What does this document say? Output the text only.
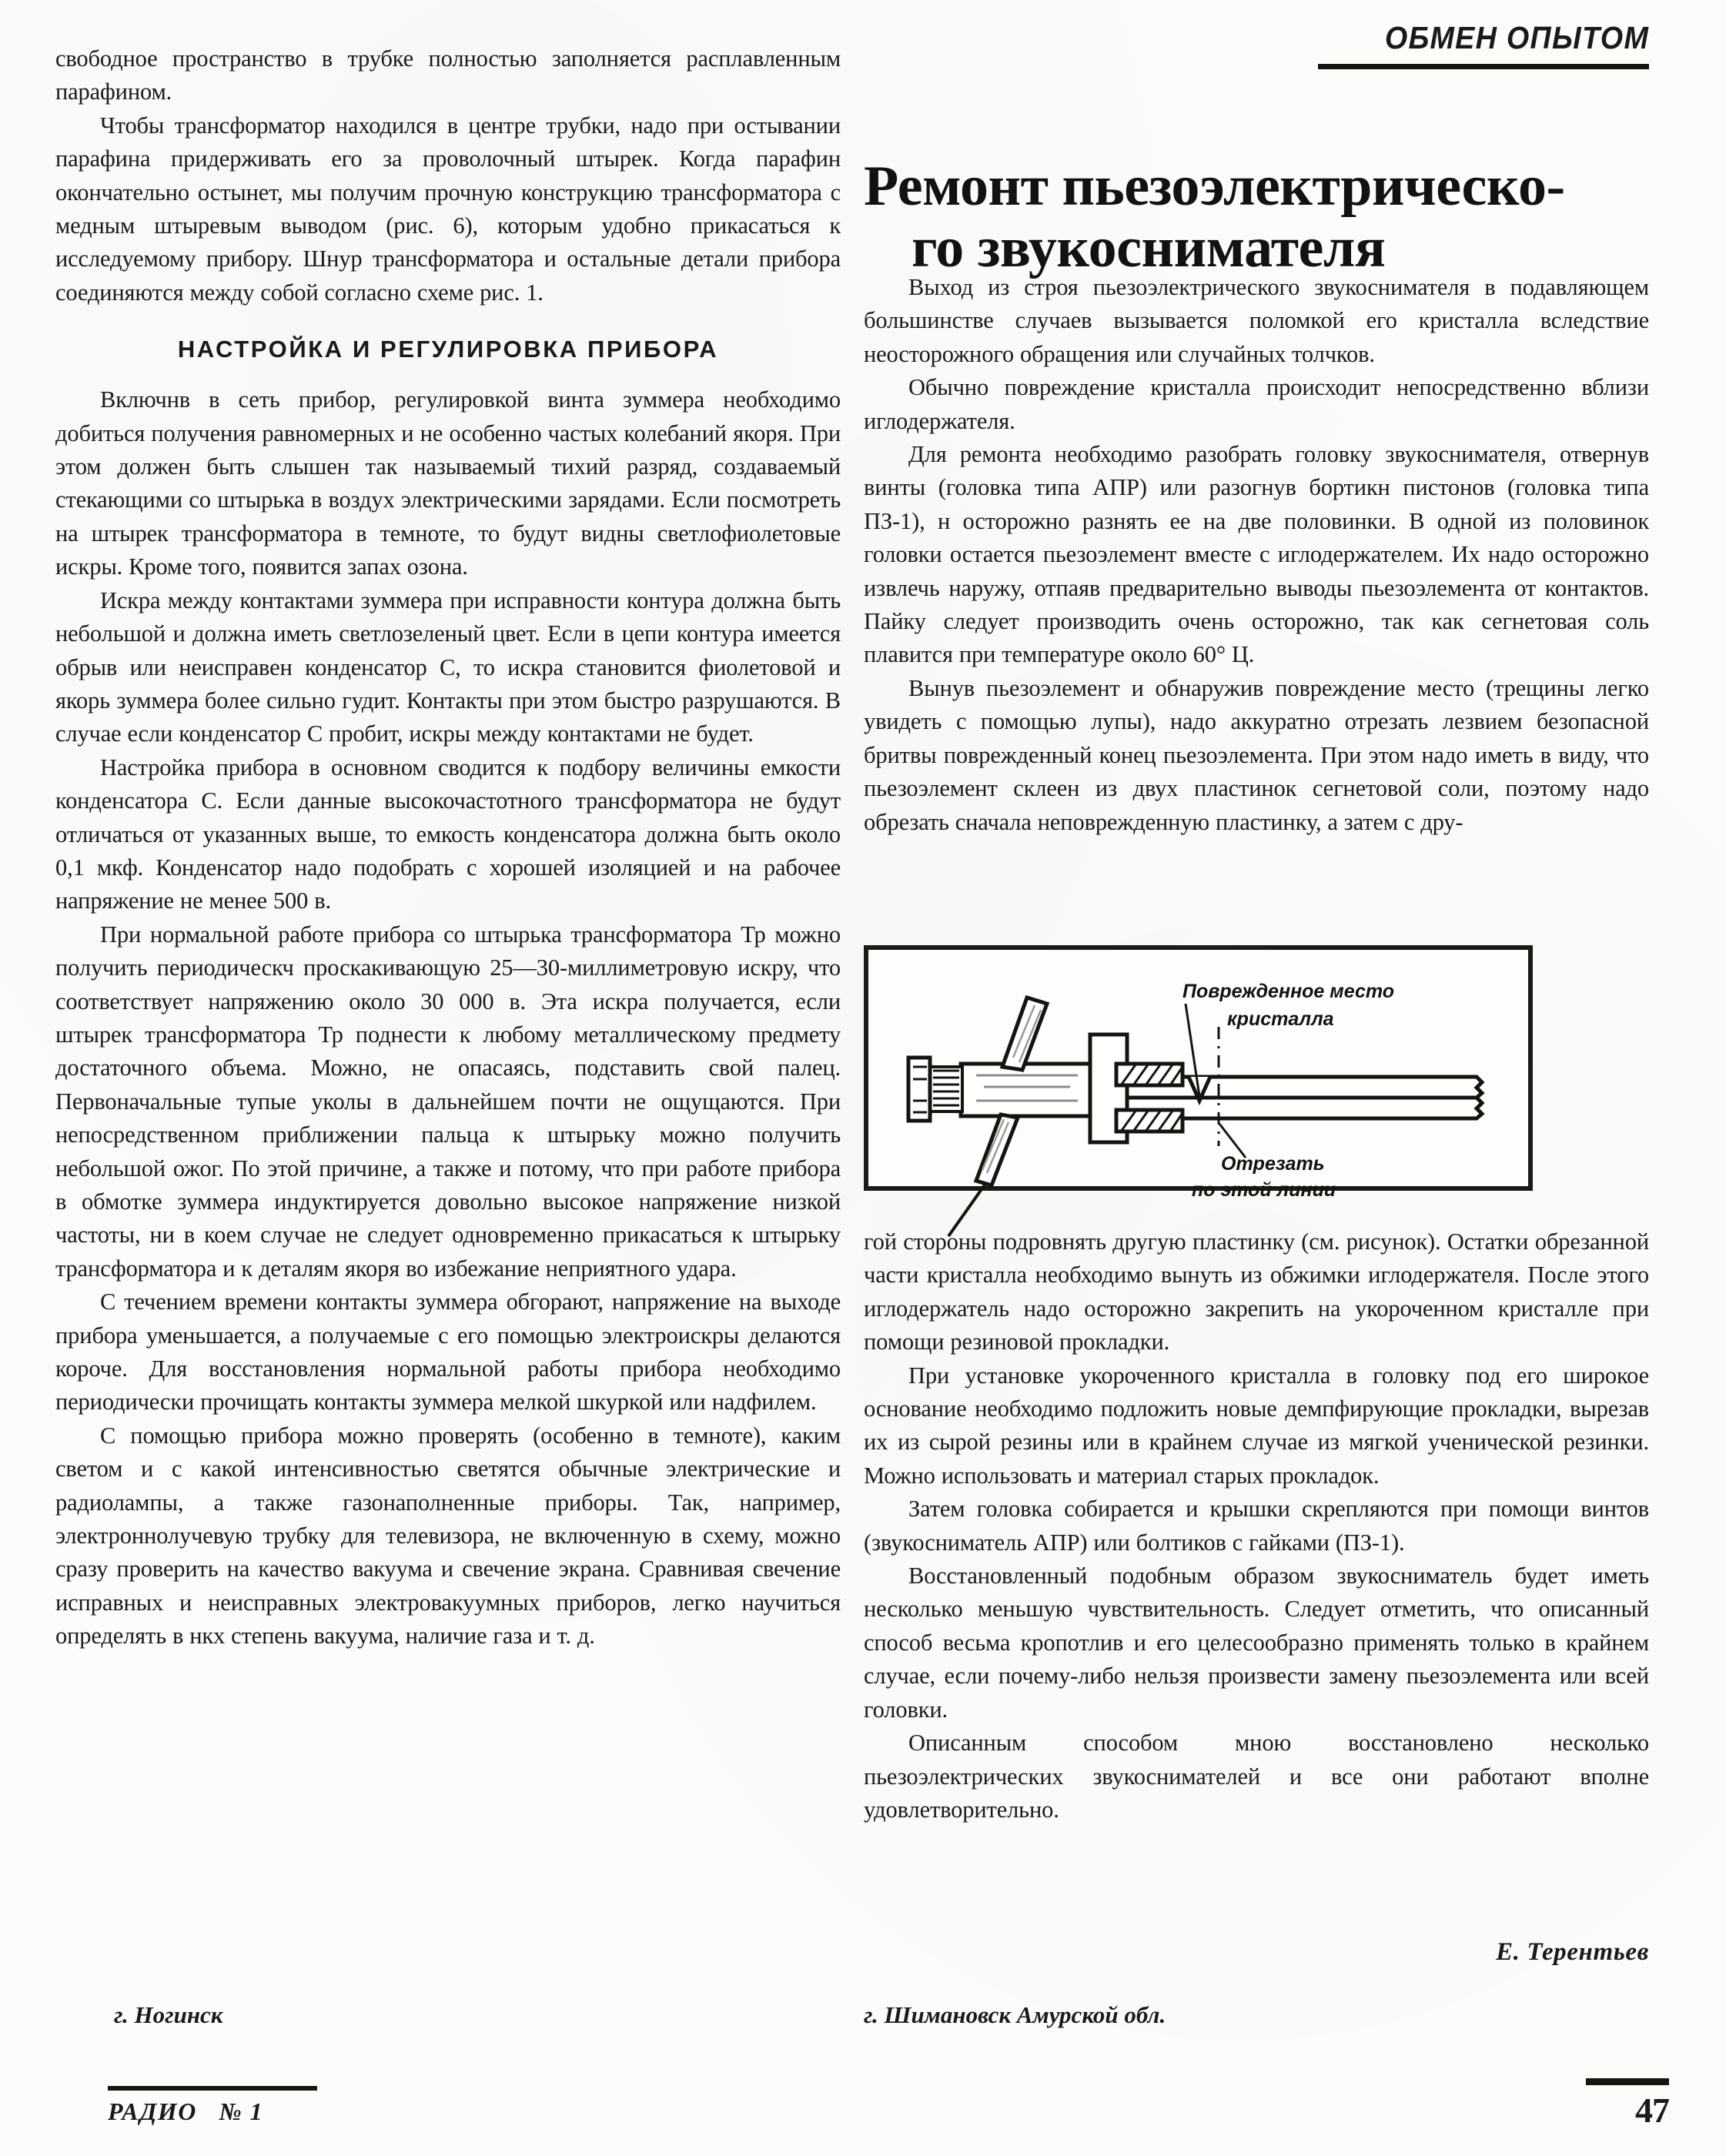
ОБМЕН ОПЫТОМ
Ремонт пьезоэлектрическо-
го звукоснимателя

свободное пространство в трубке полностью заполняется расплавленным парафином.

Чтобы трансформатор находился в центре трубки, надо при остывании парафина придерживать его за проволочный штырек. Когда парафин окончательно остынет, мы получим прочную конструкцию трансформатора с медным штыревым выводом (рис. 6), которым удобно прикасаться к исследуемому прибору. Шнур трансформатора и остальные детали прибора соединяются между собой согласно схеме рис. 1.

НАСТРОЙКА И РЕГУЛИРОВКА ПРИБОРА

Включнв в сеть прибор, регулировкой винта зуммера необходимо добиться получения равномерных и не особенно частых колебаний якоря. При этом должен быть слышен так называемый тихий разряд, создаваемый стекающими со штырька в воздух электрическими зарядами. Если посмотреть на штырек трансформатора в темноте, то будут видны светлофиолетовые искры. Кроме того, появится запах озона.

Искра между контактами зуммера при исправности контура должна быть небольшой и должна иметь светлозеленый цвет. Если в цепи контура имеется обрыв или неисправен конденсатор C, то искра становится фиолетовой и якорь зуммера более сильно гудит. Контакты при этом быстро разрушаются. В случае если конденсатор C пробит, искры между контактами не будет.

Настройка прибора в основном сводится к подбору величины емкости конденсатора C. Если данные высокочастотного трансформатора не будут отличаться от указанных выше, то емкость конденсатора должна быть около 0,1 мкф. Конденсатор надо подобрать с хорошей изоляцией и на рабочее напряжение не менее 500 в.

При нормальной работе прибора со штырька трансформатора Тр можно получить периодическч проскакивающую 25—30-миллиметровую искру, что соответствует напряжению около 30 000 в. Эта искра получается, если штырек трансформатора Тр поднести к любому металлическому предмету достаточного объема. Можно, не опасаясь, подставить свой палец. Первоначальные тупые уколы в дальнейшем почти не ощущаются. При непосредственном приближении пальца к штырьку можно получить небольшой ожог. По этой причине, а также и потому, что при работе прибора в обмотке зуммера индуктируется довольно высокое напряжение низкой частоты, ни в коем случае не следует одновременно прикасаться к штырьку трансформатора и к деталям якоря во избежание неприятного удара.

С течением времени контакты зуммера обгорают, напряжение на выходе прибора уменьшается, а получаемые с его помощью электроискры делаются короче. Для восстановления нормальной работы прибора необходимо периодически прочищать контакты зуммера мелкой шкуркой или надфилем.

С помощью прибора можно проверять (особенно в темноте), каким светом и с какой интенсивностью светятся обычные электрические и радиолампы, а также газонаполненные приборы. Так, например, электроннолучевую трубку для телевизора, не включенную в схему, можно сразу проверить на качество вакуума и свечение экрана. Сравнивая свечение исправных и неисправных электровакуумных приборов, легко научиться определять в нкх степень вакуума, наличие газа и т. д.

Выход из строя пьезоэлектрического звукоснимателя в подавляющем большинстве случаев вызывается поломкой его кристалла вследствие неосторожного обращения или случайных толчков.

Обычно повреждение кристалла происходит непосредственно вблизи иглодержателя.

Для ремонта необходимо разобрать головку звукоснимателя, отвернув винты (головка типа АПР) или разогнув бортикн пистонов (головка типа ПЗ-1), н осторожно разнять ее на две половинки. В одной из половинок головки остается пьезоэлемент вместе с иглодержателем. Их надо осторожно извлечь наружу, отпаяв предварительно выводы пьезоэлемента от контактов. Пайку следует производить очень осторожно, так как сегнетовая соль плавится при температуре около 60° Ц.

Вынув пьезоэлемент и обнаружив повреждение место (трещины легко увидеть с помощью лупы), надо аккуратно отрезать лезвием безопасной бритвы поврежденный конец пьезоэлемента. При этом надо иметь в виду, что пьезоэлемент склеен из двух пластинок сегнетовой соли, поэтому надо обрезать сначала неповрежденную пластинку, а затем с дру-

Поврежденное место
кристалла
Отрезать
по этой линии

гой стороны подровнять другую пластинку (см. рисунок). Остатки обрезанной части кристалла необходимо вынуть из обжимки иглодержателя. После этого иглодержатель надо осторожно закрепить на укороченном кристалле при помощи резиновой прокладки.

При установке укороченного кристалла в головку под его широкое основание необходимо подложить новые демпфирующие прокладки, вырезав их из сырой резины или в крайнем случае из мягкой ученической резинки. Можно использовать и материал старых прокладок.

Затем головка собирается и крышки скрепляются при помощи винтов (звукосниматель АПР) или болтиков с гайками (ПЗ-1).

Восстановленный подобным образом звукосниматель будет иметь несколько меньшую чувствительность. Следует отметить, что описанный способ весьма кропотлив и его целесообразно применять только в крайнем случае, если почему-либо нельзя произвести замену пьезоэлемента или всей головки.

Описанным способом мною восстановлено несколько пьезоэлектрических звукоснимателей и все они работают вполне удовлетворительно.

Е. Терентьев
г. Ногинск	г. Шимановск Амурской обл.
РАДИО   № 1	47
